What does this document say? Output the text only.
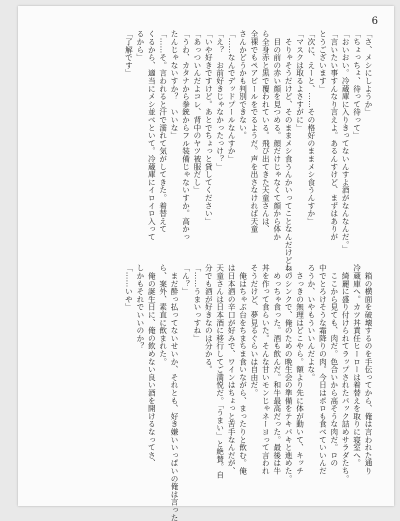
6
「さ、メシにしようか」
「ちょっちょ、待って待って」
「おいおい。冷蔵庫に入りきってないんすよ酒がなんなんだ。」
「言いたい事すんなり言えよ。あるんすけど、まずはありが
とうございます」
「次に、えーと、……その格好のままメシ食うんすか」
「マスクは取るよさすがに」
　そりゃそうだけど、そのままメシ食うんかいってことなんだけどね。
　目の前の赤い顔を見つめる。顔だけじゃなくて顔から体か
ら全身赤と黒で覆われている。飛び出てきた天童さんは、
全裸でもペアビールをでるようだ。声を出さなければ天童
さんかどうかも判別できない。
「……なんでデッドプールなんすか」
「え？　お前好きじゃなかったっけ？」
「いや好きですけど。あとでちょっと貸してください」
「あっついんだよコレ、背中のヤツ被服だし」
「うわ、カタナから拳銃からフル装備じゃないすか。高かっ
たんじゃないすか？　いいな」
「……そ。言われると汗で濡れて気がしてきた。着替えて
くるから、適当にメシ並べといて。冷蔵庫にイロイロ入って
るから」
「了解です」
　箱の横面を破壊するのを手伝ってから、俺は言われた通り
冷蔵庫へ。カツ丼責任ヒーローは着替えを取りに寝室へ。
　綺麗に盛り付けられてラップされたパック詰めサラダたち。
　ここから見ても、肉だ。色合いから高そうな肉だ。ロの
中でとろけそうな霜降りの肉。今日はポロも食べていいんだ
ろうか、いやもういいんだよな。
　さっきの無理はどこやら。額より先に体が動いて、キッチ
ンのシンクで、俺のための晩生会の準備をテキパキと進めた。
　めっちゃ食った。酒も飲んだ。和牛最高だった。最後は牛
丼を作って食らいた。そんな甘いモンじゃネーヨって言われ
そうだけど、夢見るぐらいは自由だ。
　俺はちゃぶ台をちまちま食いながら、まったりと飲む。俺
は日本酒の辛口が好みで、ワインはちょっと苦手なんだが、
天童さんは日本酒に移行してご満悦だ。「うまい」と絶賛。自
分でも酒が好きなのは分かる。
「……うまいっすね」
「ん？」
　まだ酔っ払ってないせいか、それとも、好き嫌いいっぱいの俺は言った
ら、案外、素直に飲まれた。
　俺の誕生日に、俺の飲めない良い酒を開けるなってさ、
しかもそれでいいのか？
「……いや」
